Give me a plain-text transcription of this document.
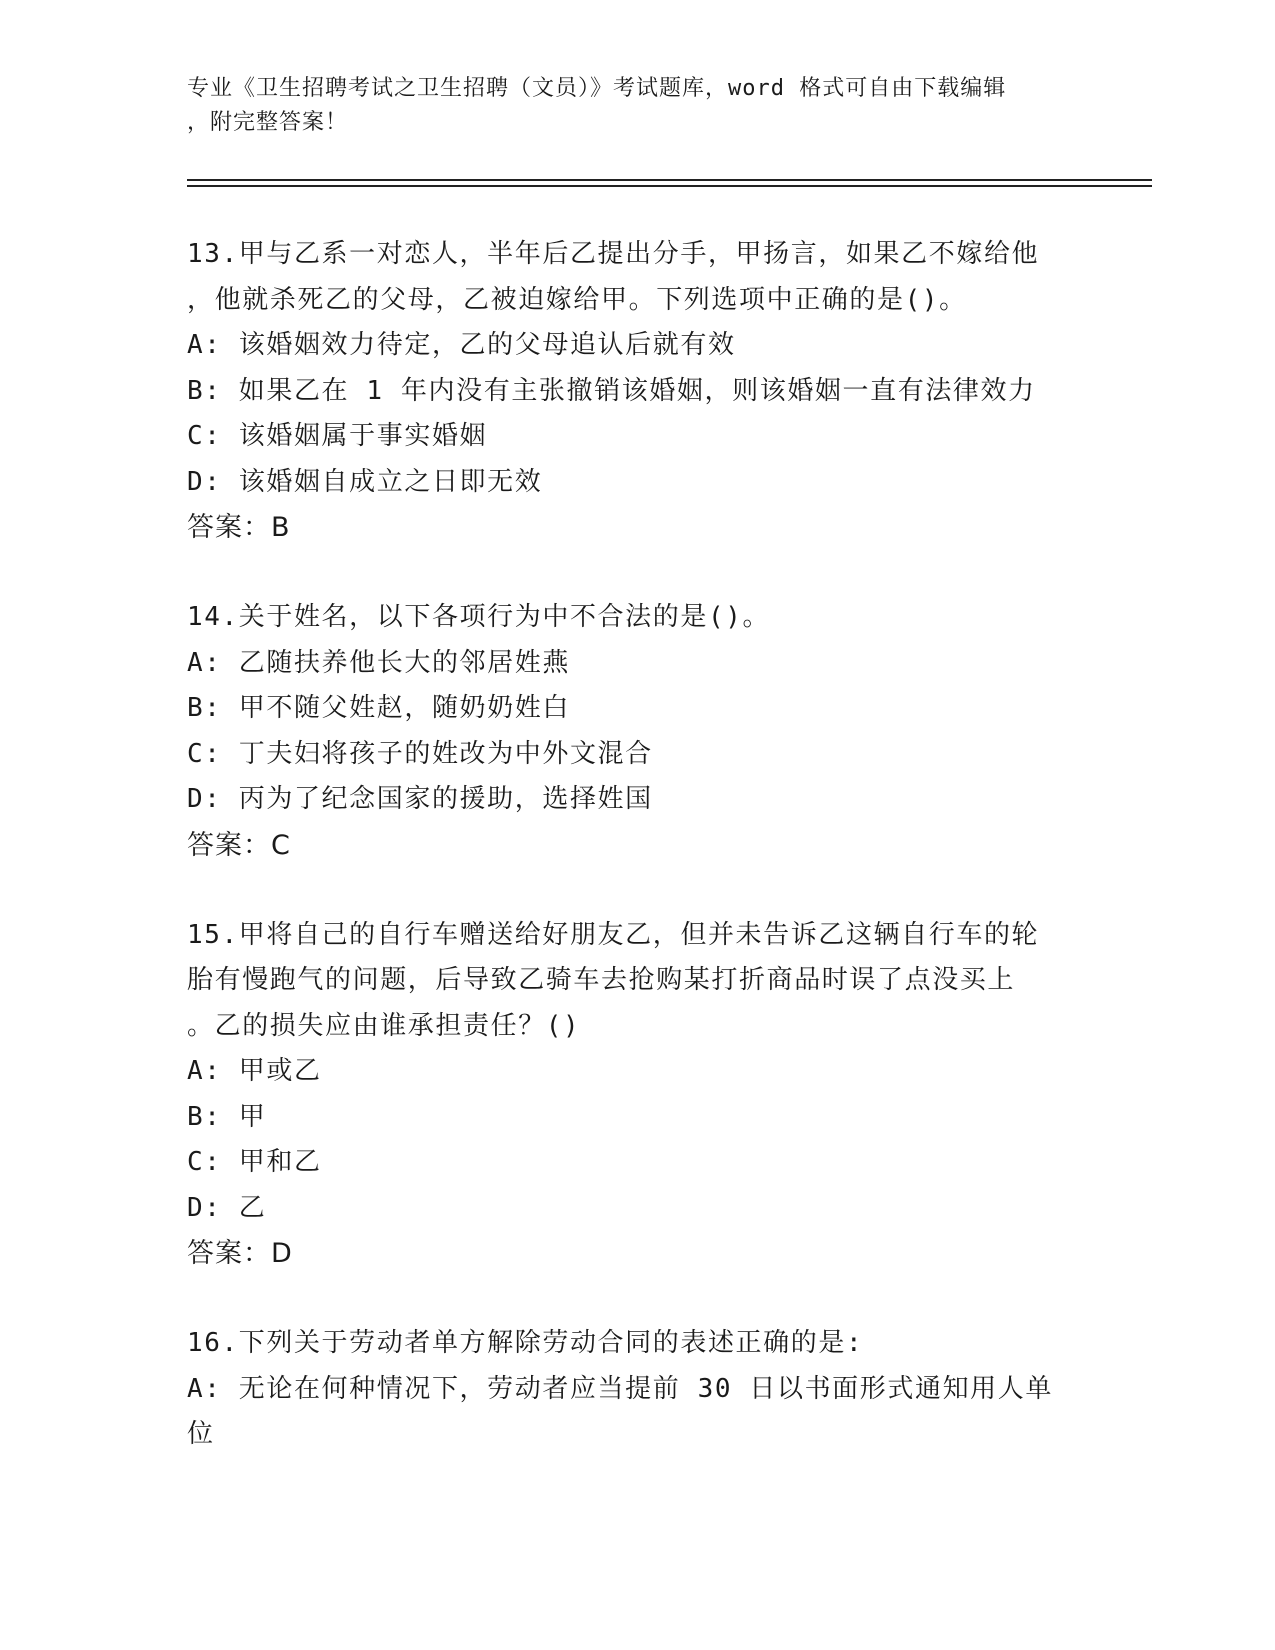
专业《卫生招聘考试之卫生招聘（文员）》考试题库，word 格式可自由下载编辑
，附完整答案！
13.甲与乙系一对恋人，半年后乙提出分手，甲扬言，如果乙不嫁给他
，他就杀死乙的父母，乙被迫嫁给甲。下列选项中正确的是()。
A: 该婚姻效力待定，乙的父母追认后就有效
B: 如果乙在 1 年内没有主张撤销该婚姻，则该婚姻一直有法律效力
C: 该婚姻属于事实婚姻
D: 该婚姻自成立之日即无效
答案：B
14.关于姓名，以下各项行为中不合法的是()。
A: 乙随扶养他长大的邻居姓燕
B: 甲不随父姓赵，随奶奶姓白
C: 丁夫妇将孩子的姓改为中外文混合
D: 丙为了纪念国家的援助，选择姓国
答案：C
15.甲将自己的自行车赠送给好朋友乙，但并未告诉乙这辆自行车的轮
胎有慢跑气的问题，后导致乙骑车去抢购某打折商品时误了点没买上
。乙的损失应由谁承担责任？()
A: 甲或乙
B: 甲
C: 甲和乙
D: 乙
答案：D
16.下列关于劳动者单方解除劳动合同的表述正确的是:
A: 无论在何种情况下，劳动者应当提前 30 日以书面形式通知用人单
位
